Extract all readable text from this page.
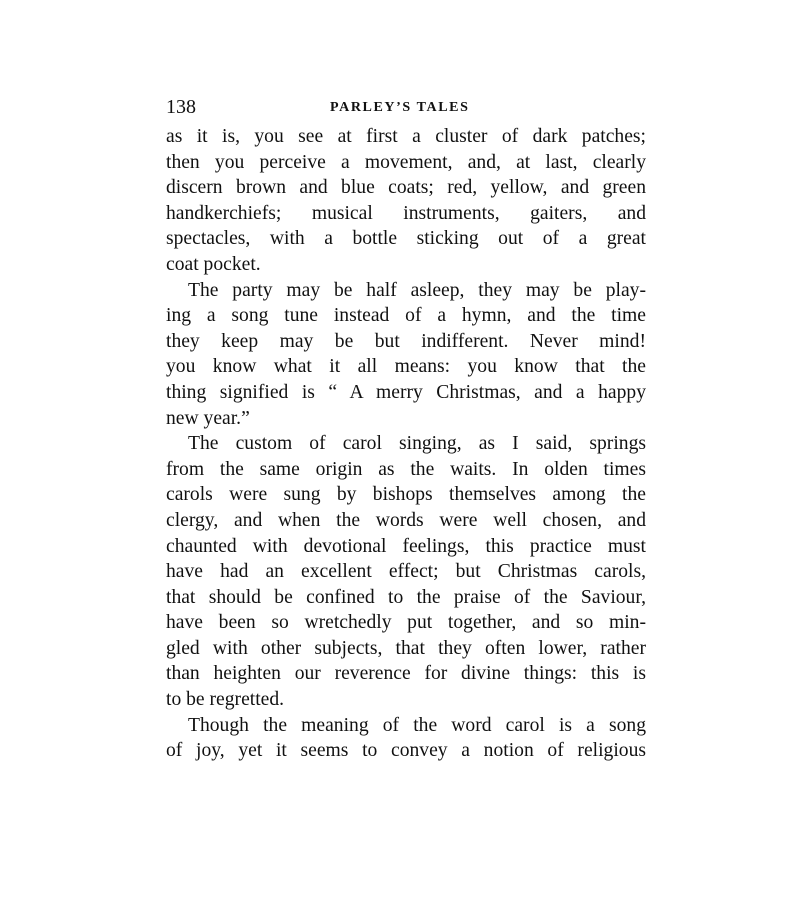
138	PARLEY’S TALES
as it is, you see at first a cluster of dark patches;
then you perceive a movement, and, at last, clearly
discern brown and blue coats; red, yellow, and green
handkerchiefs; musical instruments, gaiters, and
spectacles, with a bottle sticking out of a great
coat pocket.
The party may be half asleep, they may be play-
ing a song tune instead of a hymn, and the time
they keep may be but indifferent. Never mind!
you know what it all means: you know that the
thing signified is “ A merry Christmas, and a happy
new year.”
The custom of carol singing, as I said, springs
from the same origin as the waits. In olden times
carols were sung by bishops themselves among the
clergy, and when the words were well chosen, and
chaunted with devotional feelings, this practice must
have had an excellent effect; but Christmas carols,
that should be confined to the praise of the Saviour,
have been so wretchedly put together, and so min-
gled with other subjects, that they often lower, rather
than heighten our reverence for divine things: this is
to be regretted.
Though the meaning of the word carol is a song
of joy, yet it seems to convey a notion of religious
